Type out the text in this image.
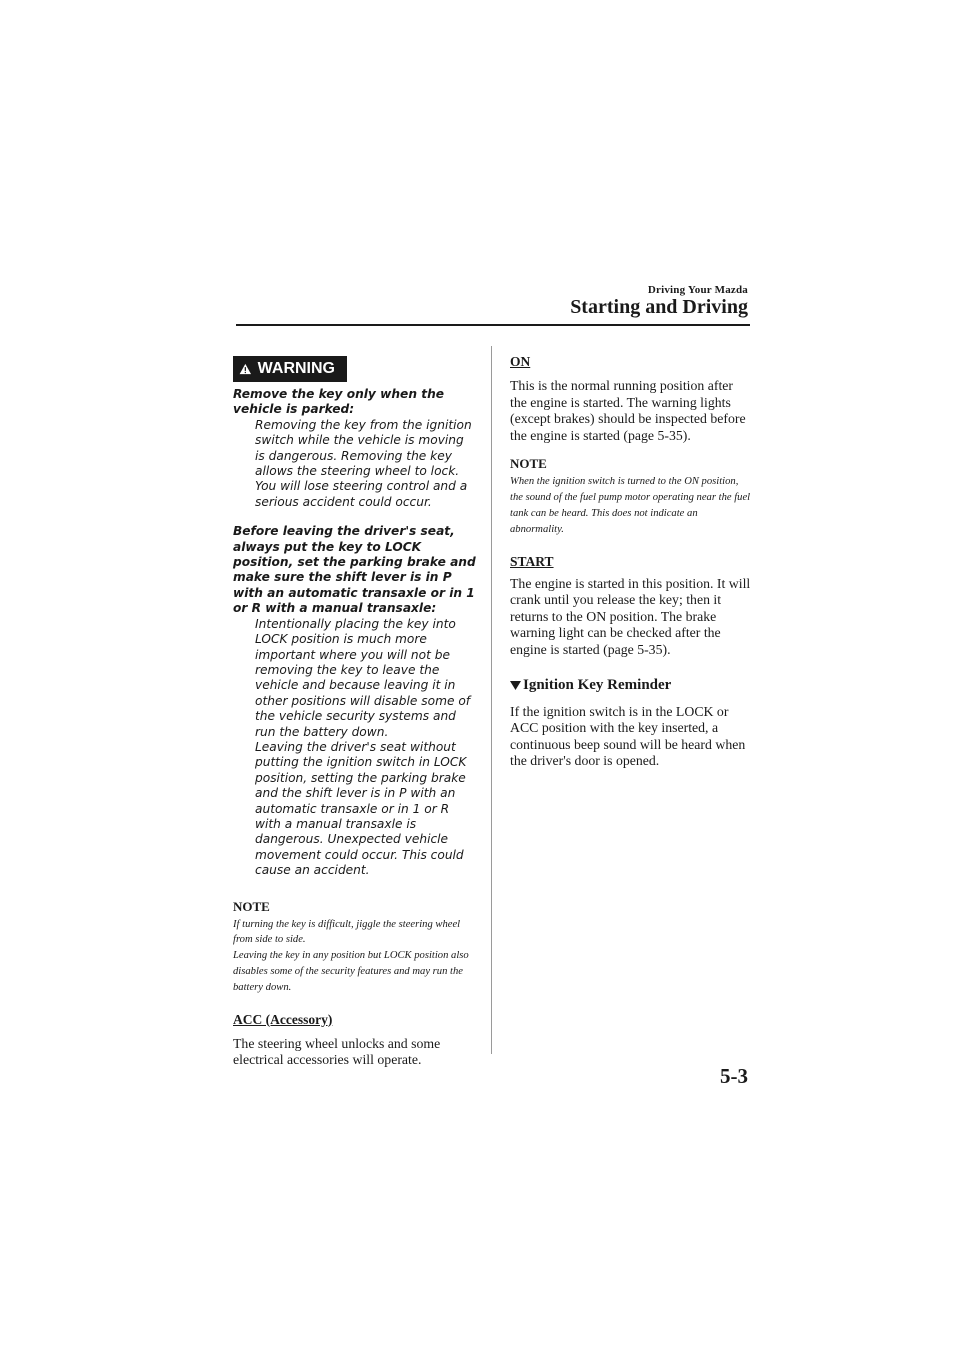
Driving Your Mazda
Starting and Driving
WARNING

Remove the key only when the vehicle is parked:

Removing the key from the ignition switch while the vehicle is moving is dangerous. Removing the key allows the steering wheel to lock. You will lose steering control and a serious accident could occur.

Before leaving the driver's seat, always put the key to LOCK position, set the parking brake and make sure the shift lever is in P with an automatic transaxle or in 1 or R with a manual transaxle:

Intentionally placing the key into LOCK position is much more important where you will not be removing the key to leave the vehicle and because leaving it in other positions will disable some of the vehicle security systems and run the battery down.

Leaving the driver's seat without putting the ignition switch in LOCK position, setting the parking brake and the shift lever is in P with an automatic transaxle or in 1 or R with a manual transaxle is dangerous. Unexpected vehicle movement could occur. This could cause an accident.

NOTE

If turning the key is difficult, jiggle the steering wheel from side to side.

Leaving the key in any position but LOCK position also disables some of the security features and may run the battery down.

ACC (Accessory)

The steering wheel unlocks and some electrical accessories will operate.

ON

This is the normal running position after the engine is started. The warning lights (except brakes) should be inspected before the engine is started (page 5-35).

NOTE

When the ignition switch is turned to the ON position, the sound of the fuel pump motor operating near the fuel tank can be heard. This does not indicate an abnormality.

START

The engine is started in this position. It will crank until you release the key; then it returns to the ON position. The brake warning light can be checked after the engine is started (page 5-35).

Ignition Key Reminder

If the ignition switch is in the LOCK or ACC position with the key inserted, a continuous beep sound will be heard when the driver's door is opened.

5-3
